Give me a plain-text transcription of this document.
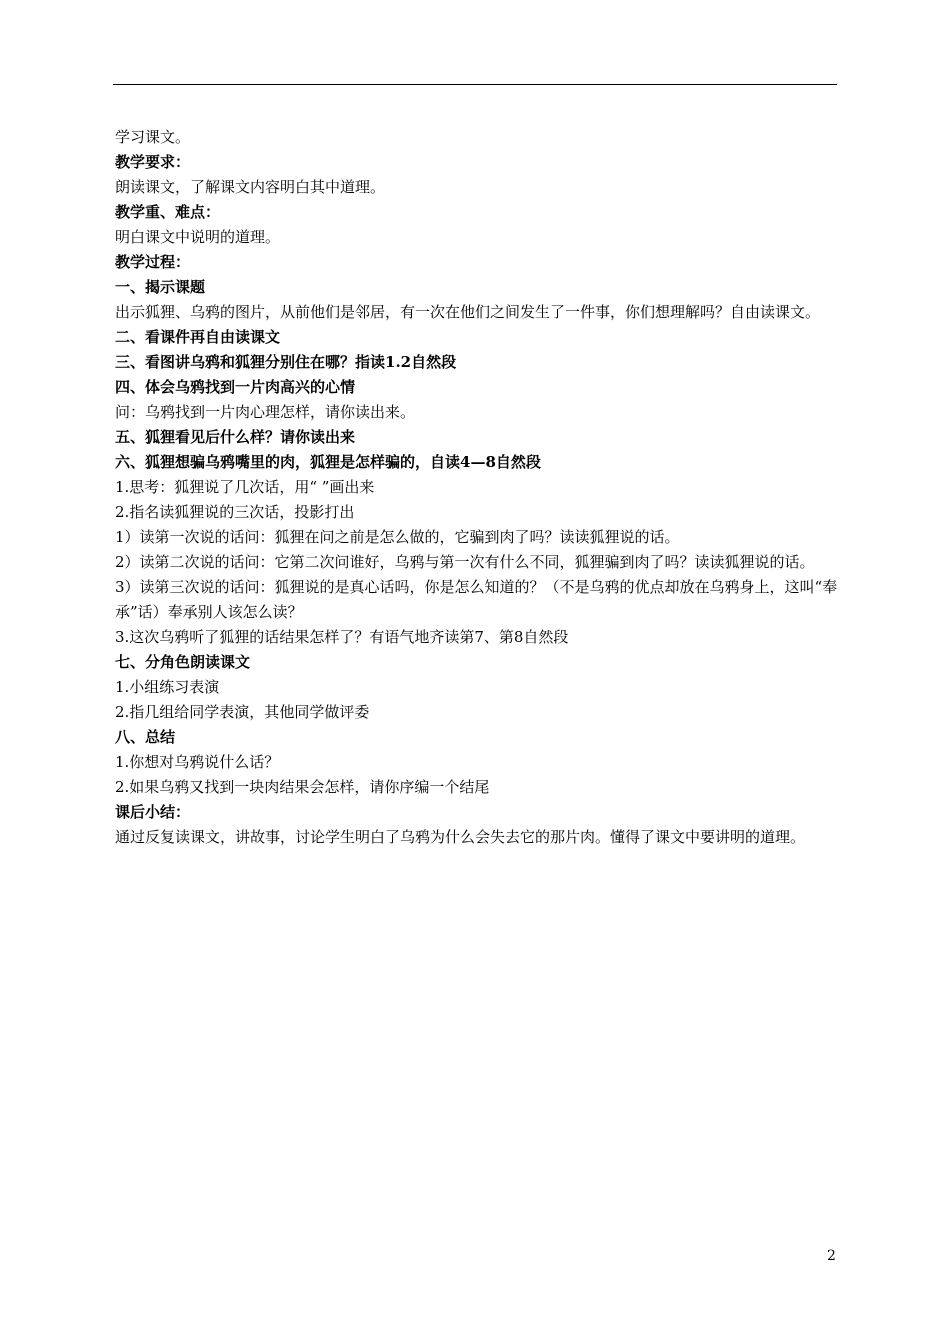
学习课文。
教学要求：
朗读课文，了解课文内容明白其中道理。
教学重、难点：
明白课文中说明的道理。
教学过程：
一、揭示课题
出示狐狸、乌鸦的图片，从前他们是邻居，有一次在他们之间发生了一件事，你们想理解吗？自由读课文。
二、看课件再自由读课文
三、看图讲乌鸦和狐狸分别住在哪？指读1.2自然段
四、体会乌鸦找到一片肉高兴的心情
问：乌鸦找到一片肉心理怎样，请你读出来。
五、狐狸看见后什么样？请你读出来
六、狐狸想骗乌鸦嘴里的肉，狐狸是怎样骗的，自读4—8自然段
1.思考：狐狸说了几次话，用“ ”画出来
2.指名读狐狸说的三次话，投影打出
1）读第一次说的话问：狐狸在问之前是怎么做的，它骗到肉了吗？读读狐狸说的话。
2）读第二次说的话问：它第二次问谁好，乌鸦与第一次有什么不同，狐狸骗到肉了吗？读读狐狸说的话。
3）读第三次说的话问：狐狸说的是真心话吗，你是怎么知道的？（不是乌鸦的优点却放在乌鸦身上，这叫“奉承”话）奉承别人该怎么读？
3.这次乌鸦听了狐狸的话结果怎样了？有语气地齐读第7、第8自然段
七、分角色朗读课文
1.小组练习表演
2.指几组给同学表演，其他同学做评委
八、总结
1.你想对乌鸦说什么话？
2.如果乌鸦又找到一块肉结果会怎样，请你序编一个结尾
课后小结：
通过反复读课文，讲故事，讨论学生明白了乌鸦为什么会失去它的那片肉。懂得了课文中要讲明的道理。
2
